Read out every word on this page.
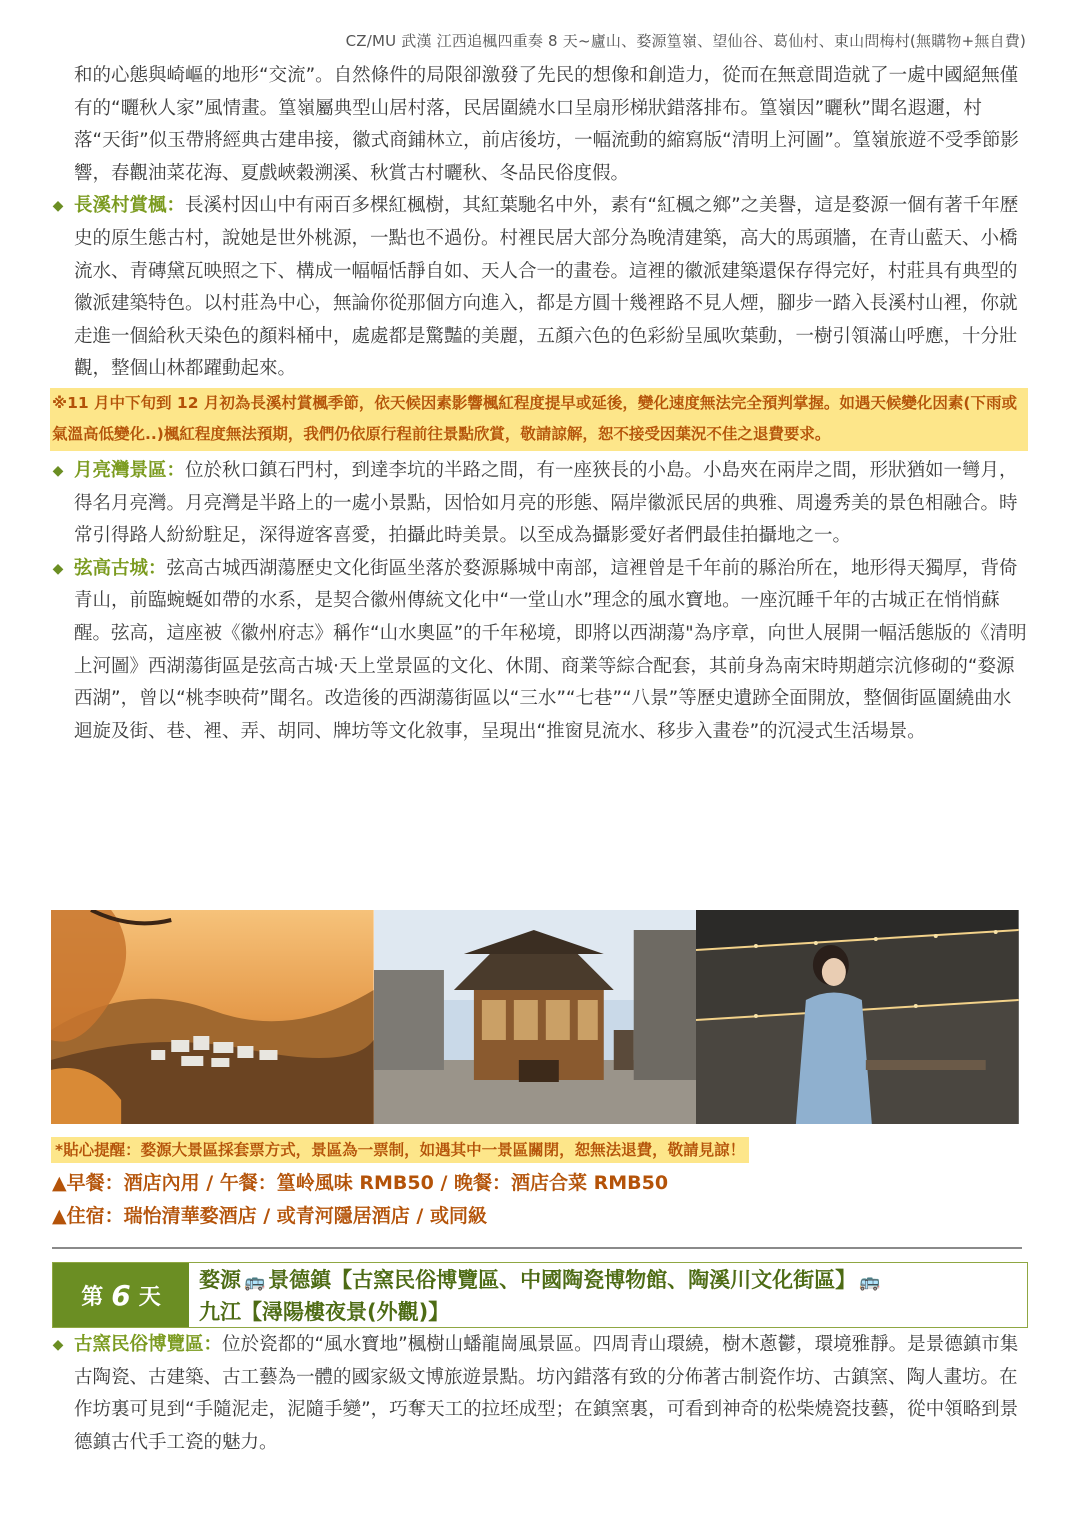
CZ/MU 武漢 江西追楓四重奏 8 天~廬山、婺源篁嶺、望仙谷、葛仙村、東山問梅村(無購物+無自費)

和的心態與崎嶇的地形“交流”。自然條件的局限卻激發了先民的想像和創造力，從而在無意間造就了一處中國絕無僅有的“曬秋人家”風情畫。篁嶺屬典型山居村落，民居圍繞水口呈扇形梯狀錯落排布。篁嶺因”曬秋”聞名遐邇，村落“天街”似玉帶將經典古建串接，徽式商鋪林立，前店後坊，一幅流動的縮寫版“清明上河圖”。篁嶺旅遊不受季節影響，春觀油菜花海、夏戲峽穀溯溪、秋賞古村曬秋、冬品民俗度假。

◆ 長溪村賞楓：長溪村因山中有兩百多棵紅楓樹，其紅葉馳名中外，素有“紅楓之鄉”之美譽，這是婺源一個有著千年歷史的原生態古村，說她是世外桃源，一點也不過份。村裡民居大部分為晚清建築，高大的馬頭牆，在青山藍天、小橋流水、青磚黛瓦映照之下、構成一幅幅恬靜自如、天人合一的畫卷。這裡的徽派建築還保存得完好，村莊具有典型的徽派建築特色。以村莊為中心，無論你從那個方向進入，都是方圓十幾裡路不見人煙，腳步一踏入長溪村山裡，你就走進一個給秋天染色的顏料桶中，處處都是驚豔的美麗，五顏六色的色彩紛呈風吹葉動，一樹引領滿山呼應，十分壯觀，整個山林都躍動起來。
※11 月中下旬到 12 月初為長溪村賞楓季節，依天候因素影響楓紅程度提早或延後，變化速度無法完全預判掌握。如遇天候變化因素(下雨或氣溫高低變化..)楓紅程度無法預期，我們仍依原行程前往景點欣賞，敬請諒解，恕不接受因葉況不佳之退費要求。
◆ 月亮灣景區：位於秋口鎮石門村，到達李坑的半路之間，有一座狹長的小島。小島夾在兩岸之間，形狀猶如一彎月，得名月亮灣。月亮灣是半路上的一處小景點，因恰如月亮的形態、隔岸徽派民居的典雅、周邊秀美的景色相融合。時常引得路人紛紛駐足，深得遊客喜愛，拍攝此時美景。以至成為攝影愛好者們最佳拍攝地之一。
◆ 弦高古城：弦高古城西湖蕩歷史文化街區坐落於婺源縣城中南部，這裡曾是千年前的縣治所在，地形得天獨厚，背倚青山，前臨蜿蜒如帶的水系，是契合徽州傳統文化中“一堂山水”理念的風水寶地。一座沉睡千年的古城正在悄悄蘇醒。弦高，這座被《徽州府志》稱作“山水奧區”的千年秘境，即將以西湖蕩"為序章，向世人展開一幅活態版的《清明上河圖》西湖蕩街區是弦高古城·天上堂景區的文化、休閒、商業等綜合配套，其前身為南宋時期趙宗沆修砌的“婺源西湖”，曾以“桃李映荷”聞名。改造後的西湖蕩街區以“三水”“七巷”“八景”等歷史遺跡全面開放，整個街區圍繞曲水迴旋及街、巷、裡、弄、胡同、牌坊等文化敘事，呈現出“推窗見流水、移步入畫卷”的沉浸式生活場景。
*貼心提醒：婺源大景區採套票方式，景區為一票制，如遇其中一景區關閉，恕無法退費，敬請見諒！
▲早餐：酒店內用 / 午餐：篁岭風味 RMB50 / 晚餐：酒店合菜 RMB50
▲住宿：瑞怡清華婺酒店 / 或青河隱居酒店 / 或同級
第 6 天
婺源 🚌 景德鎮【古窯民俗博覽區、中國陶瓷博物館、陶溪川文化街區】 🚌
九江【潯陽樓夜景(外觀)】
◆ 古窯民俗博覽區：位於瓷都的“風水寶地”楓樹山蟠龍崗風景區。四周青山環繞，樹木蔥鬱，環境雅靜。是景德鎮市集古陶瓷、古建築、古工藝為一體的國家級文博旅遊景點。坊內錯落有致的分佈著古制瓷作坊、古鎮窯、陶人畫坊。在作坊裏可見到“手隨泥走，泥隨手變”，巧奪天工的拉坯成型；在鎮窯裏，可看到神奇的松柴燒瓷技藝，從中領略到景德鎮古代手工瓷的魅力。
